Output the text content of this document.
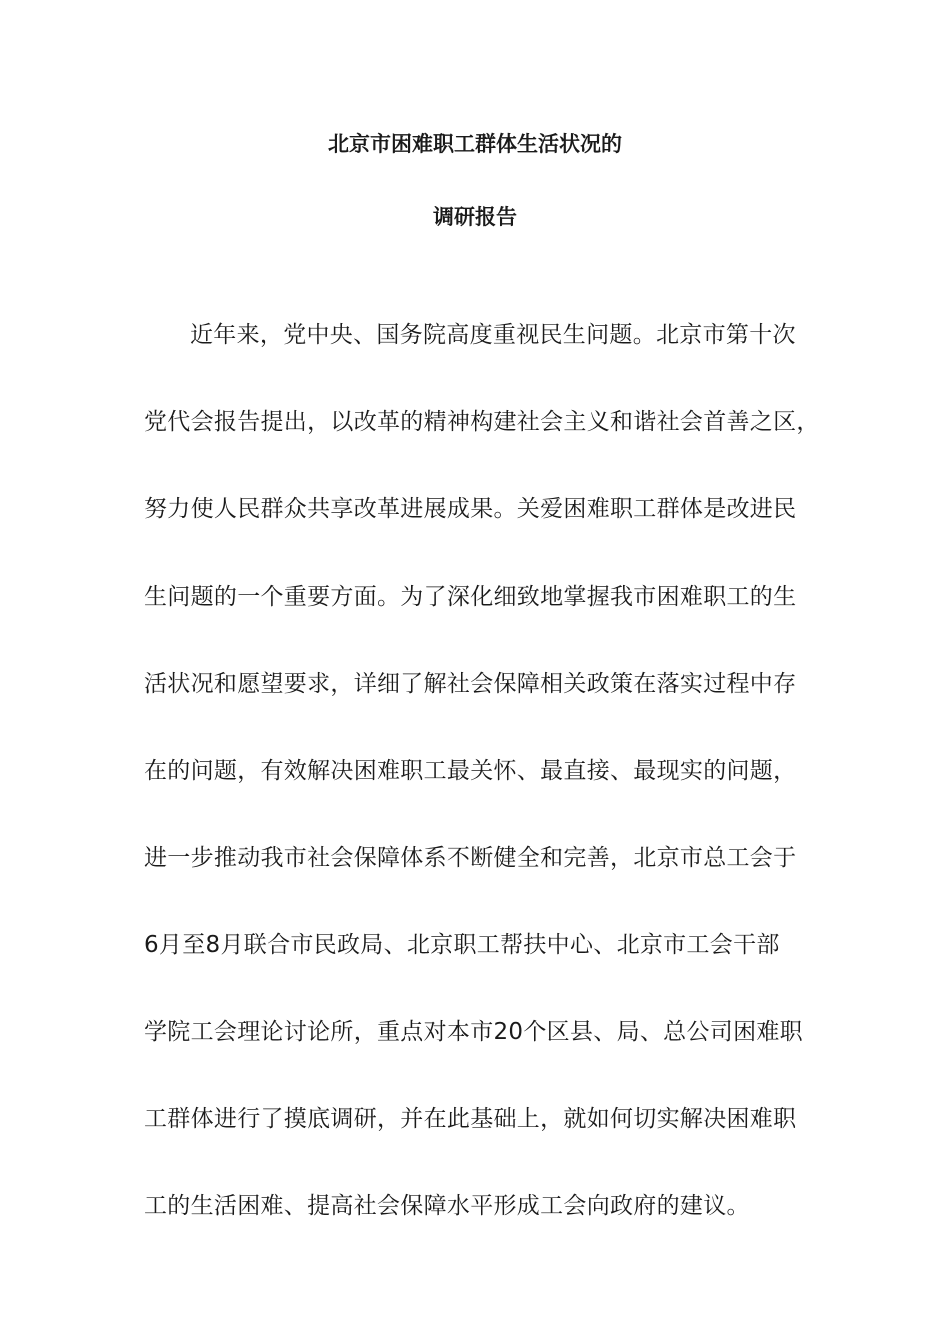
北京市困难职工群体生活状况的
调研报告
近年来，党中央、国务院高度重视民生问题。北京市第十次
党代会报告提出，以改革的精神构建社会主义和谐社会首善之区，
努力使人民群众共享改革进展成果。关爱困难职工群体是改进民
生问题的一个重要方面。为了深化细致地掌握我市困难职工的生
活状况和愿望要求，详细了解社会保障相关政策在落实过程中存
在的问题，有效解决困难职工最关怀、最直接、最现实的问题，
进一步推动我市社会保障体系不断健全和完善，北京市总工会于
6月至8月联合市民政局、北京职工帮扶中心、北京市工会干部
学院工会理论讨论所，重点对本市20个区县、局、总公司困难职
工群体进行了摸底调研，并在此基础上，就如何切实解决困难职
工的生活困难、提高社会保障水平形成工会向政府的建议。
